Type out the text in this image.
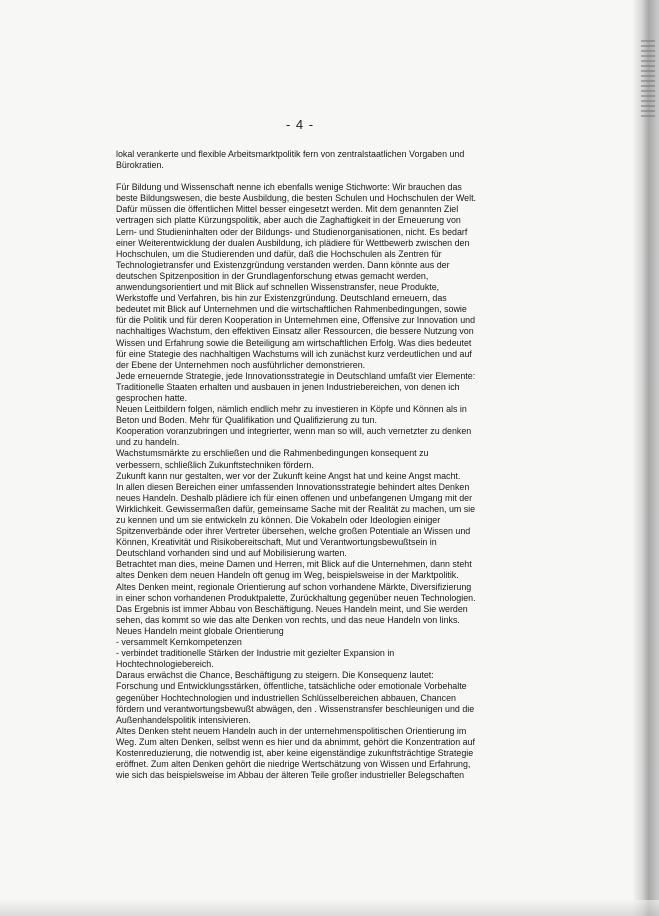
- 4 -
lokal verankerte und flexible Arbeitsmarktpolitik fern von zentralstaatlichen Vorgaben und
Bürokratien.
Für Bildung und Wissenschaft nenne ich ebenfalls wenige Stichworte: Wir brauchen das
beste Bildungswesen, die beste Ausbildung, die besten Schulen und Hochschulen der Welt.
Dafür müssen die öffentlichen Mittel besser eingesetzt werden. Mit dem genannten Ziel
vertragen sich platte Kürzungspolitik, aber auch die Zaghaftigkeit in der Erneuerung von
Lern- und Studieninhalten oder der Bildungs- und Studienorganisationen, nicht. Es bedarf
einer Weiterentwicklung der dualen Ausbildung, ich plädiere für Wettbewerb zwischen den
Hochschulen, um die Studierenden und dafür, daß die Hochschulen als Zentren für
Technologietransfer und Existenzgründung verstanden werden. Dann könnte aus der
deutschen Spitzenposition in der Grundlagenforschung etwas gemacht werden,
anwendungsorientiert und mit Blick auf schnellen Wissenstransfer, neue Produkte,
Werkstoffe und Verfahren, bis hin zur Existenzgründung. Deutschland erneuern, das
bedeutet mit Blick auf Unternehmen und die wirtschaftlichen Rahmenbedingungen, sowie
für die Politik und für deren Kooperation in Unternehmen eine, Offensive zur Innovation und
nachhaltiges Wachstum, den effektiven Einsatz aller Ressourcen, die bessere Nutzung von
Wissen und Erfahrung sowie die Beteiligung am wirtschaftlichen Erfolg. Was dies bedeutet
für eine Stategie des nachhaltigen Wachstums will ich zunächst kurz verdeutlichen und auf
der Ebene der Unternehmen noch ausführlicher demonstrieren.
Jede erneuernde Strategie, jede Innovationsstrategie in Deutschland umfaßt vier Elemente:
Traditionelle Staaten erhalten und ausbauen in jenen Industriebereichen, von denen ich
gesprochen hatte.
Neuen Leitbildern folgen, nämlich endlich mehr zu investieren in Köpfe und Können als in
Beton und Boden. Mehr für Qualifikation und Qualifizierung zu tun.
Kooperation voranzubringen und integrierter, wenn man so will, auch vernetzter zu denken
und zu handeln.
Wachstumsmärkte zu erschließen und die Rahmenbedingungen konsequent zu
verbessern, schließlich Zukunftstechniken fördern.
Zukunft kann nur gestalten, wer vor der Zukunft keine Angst hat und keine Angst macht.
In allen diesen Bereichen einer umfassenden Innovationsstrategie behindert altes Denken
neues Handeln. Deshalb plädiere ich für einen offenen und unbefangenen Umgang mit der
Wirklichkeit. Gewissermaßen dafür, gemeinsame Sache mit der Realität zu machen, um sie
zu kennen und um sie entwickeln zu können. Die Vokabeln oder Ideologien einiger
Spitzenverbände oder ihrer Vertreter übersehen, welche großen Potentiale an Wissen und
Können, Kreativität und Risikobereitschaft, Mut und Verantwortungsbewußtsein in
Deutschland vorhanden sind und auf Mobilisierung warten.
Betrachtet man dies, meine Damen und Herren, mit Blick auf die Unternehmen, dann steht
altes Denken dem neuen Handeln oft genug im Weg, beispielsweise in der Marktpolitik.
Altes Denken meint, regionale Orientierung auf schon vorhandene Märkte, Diversifizierung
in einer schon vorhandenen Produktpalette, Zurückhaltung gegenüber neuen Technologien.
Das Ergebnis ist immer Abbau von Beschäftigung. Neues Handeln meint, und Sie werden
sehen, das kommt so wie das alte Denken von rechts, und das neue Handeln von links.
Neues Handeln meint globale Orientierung
- versammelt Kernkompetenzen
- verbindet traditionelle Stärken der Industrie mit gezielter Expansion in
Hochtechnologiebereich.
Daraus erwächst die Chance, Beschäftigung zu steigern. Die Konsequenz lautet:
Forschung und Entwicklungsstärken, öffentliche, tatsächliche oder emotionale Vorbehalte
gegenüber Hochtechnologien und industriellen Schlüsselbereichen abbauen, Chancen
fördern und verantwortungsbewußt abwägen, den . Wissenstransfer beschleunigen und die
Außenhandelspolitik intensivieren.
Altes Denken steht neuem Handeln auch in der unternehmenspolitischen Orientierung im
Weg. Zum alten Denken, selbst wenn es hier und da abnimmt, gehört die Konzentration auf
Kostenreduzierung, die notwendig ist, aber keine eigenständige zukunftsträchtige Strategie
eröffnet. Zum alten Denken gehört die niedrige Wertschätzung von Wissen und Erfahrung,
wie sich das beispielsweise im Abbau der älteren Teile großer industrieller Belegschaften
